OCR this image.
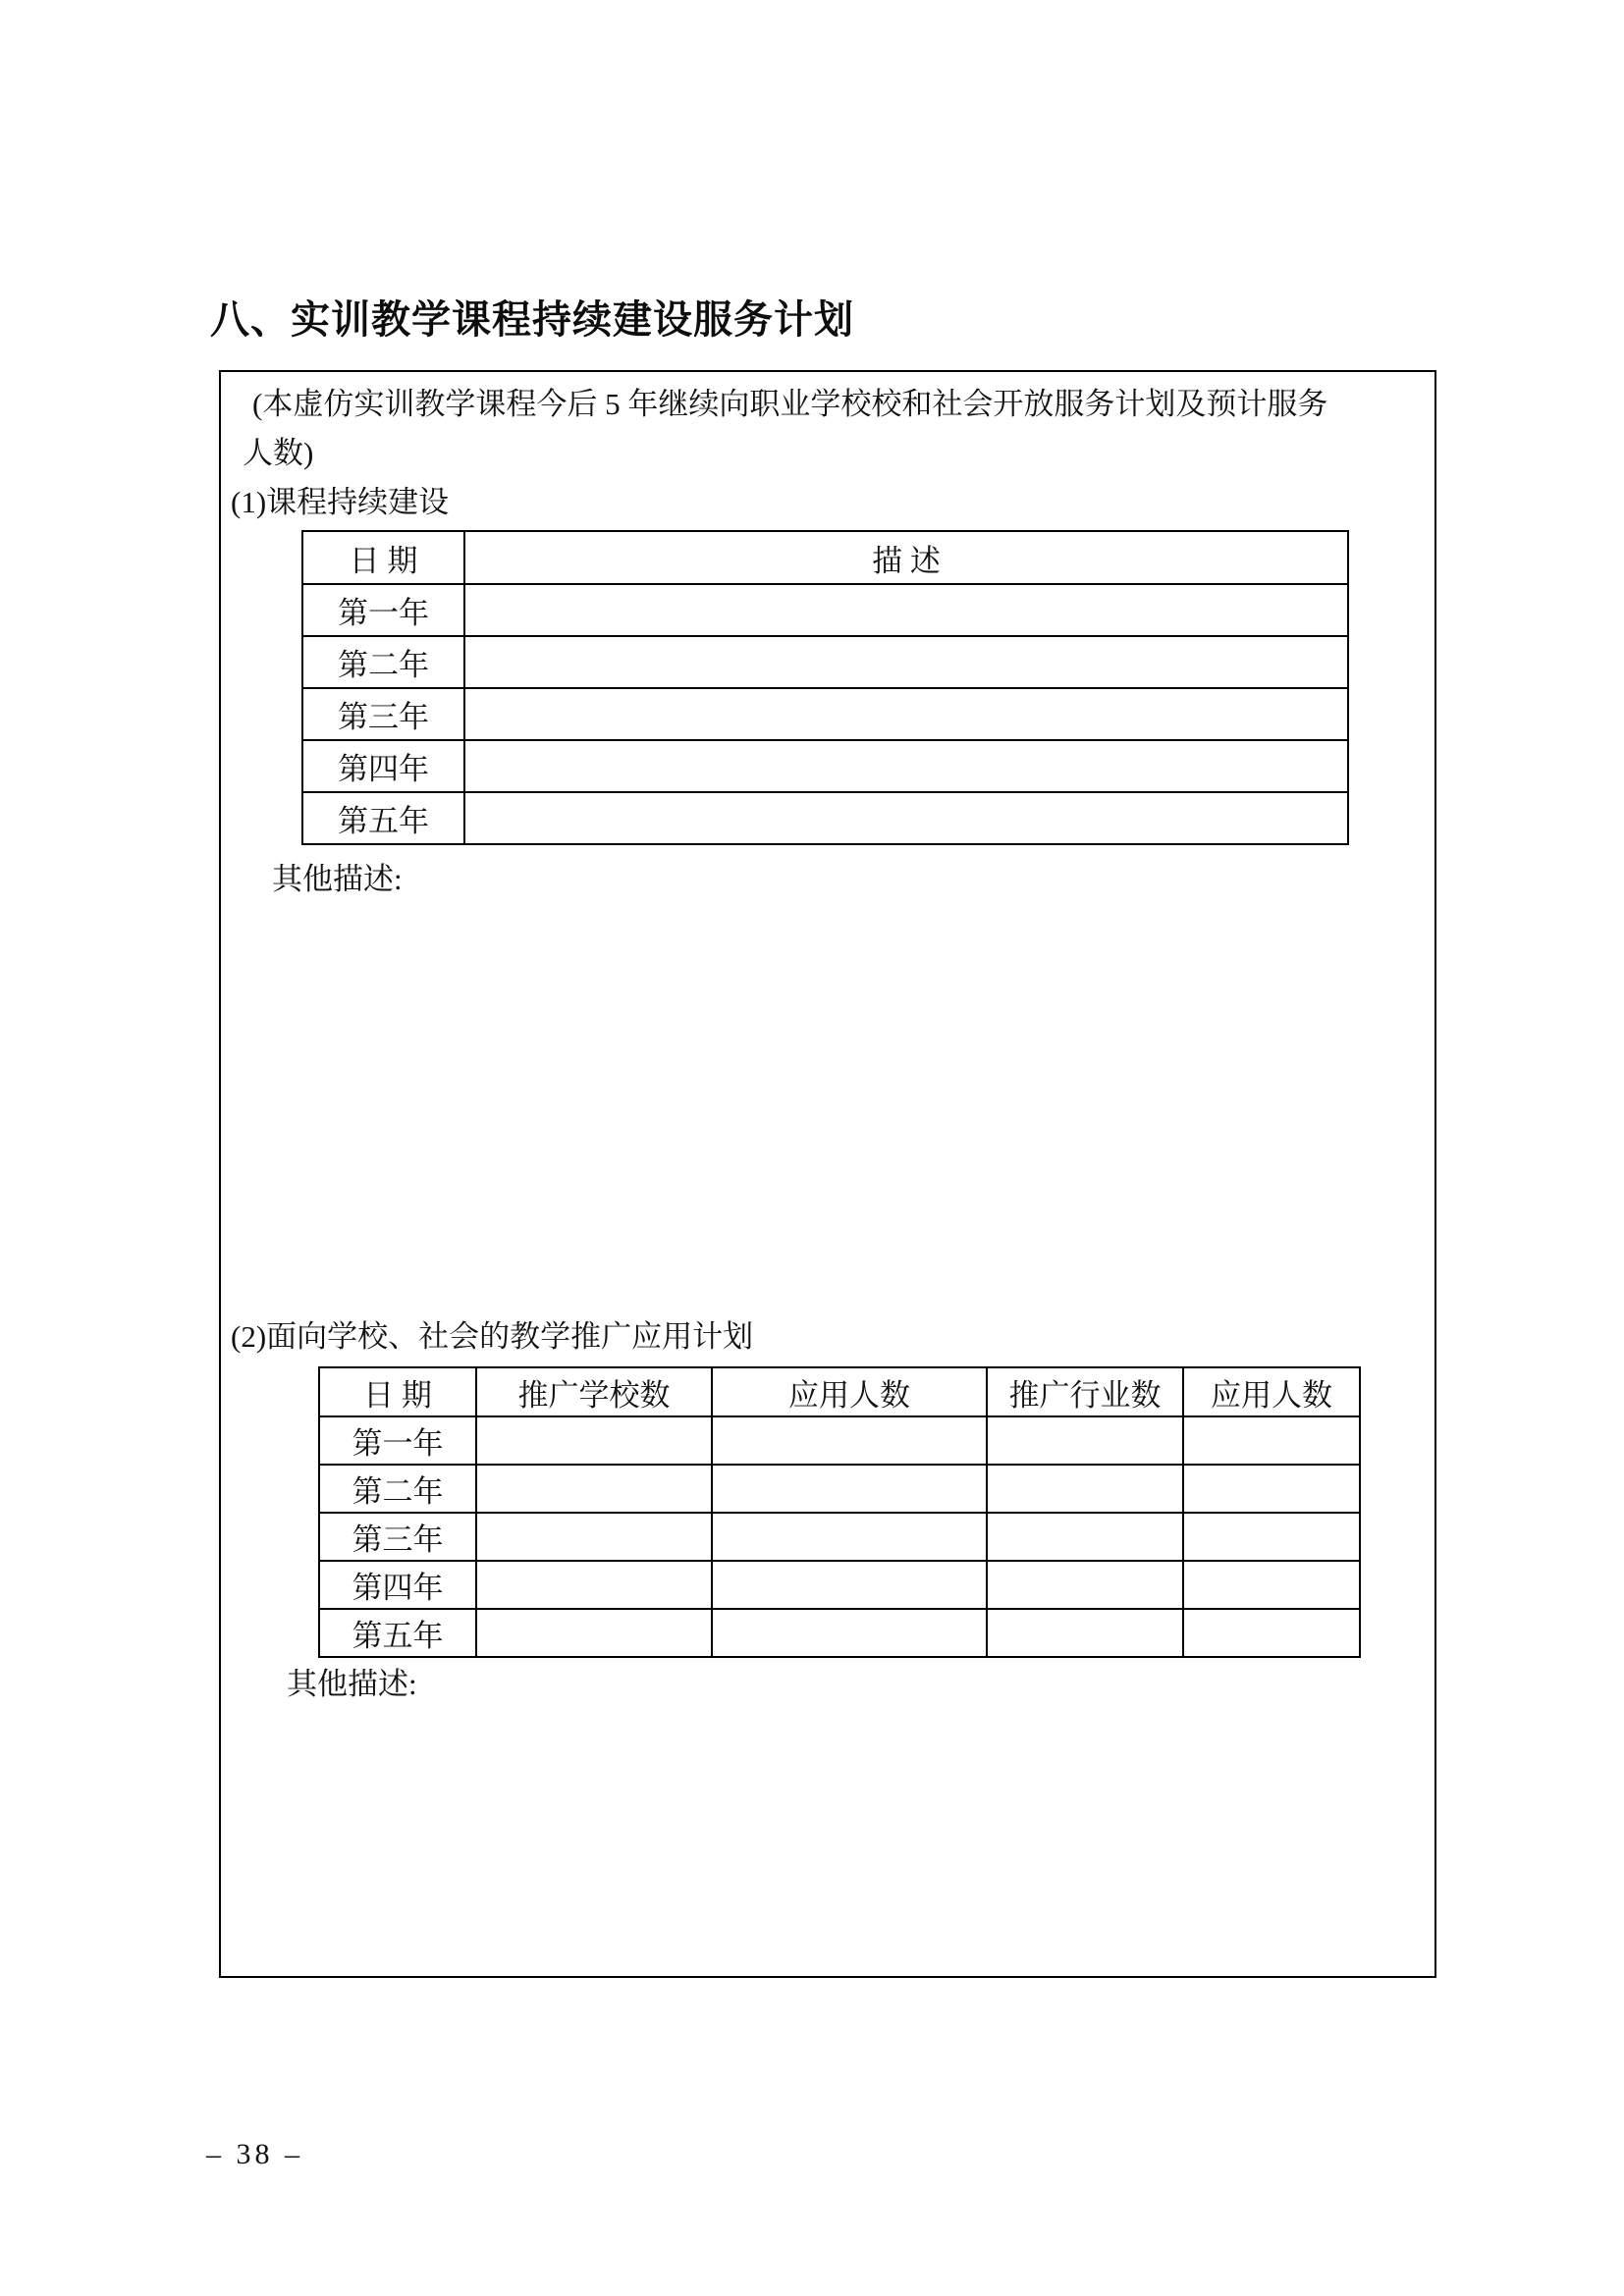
八、实训教学课程持续建设服务计划
(本虚仿实训教学课程今后 5 年继续向职业学校校和社会开放服务计划及预计服务
人数)
(1)课程持续建设
日 期	描 述
第一年	
第二年	
第三年	
第四年	
第五年	
其他描述:
(2)面向学校、社会的教学推广应用计划
日 期	推广学校数	应用人数	推广行业数	应用人数
第一年				
第二年				
第三年				
第四年				
第五年				
其他描述:
– 38 –
